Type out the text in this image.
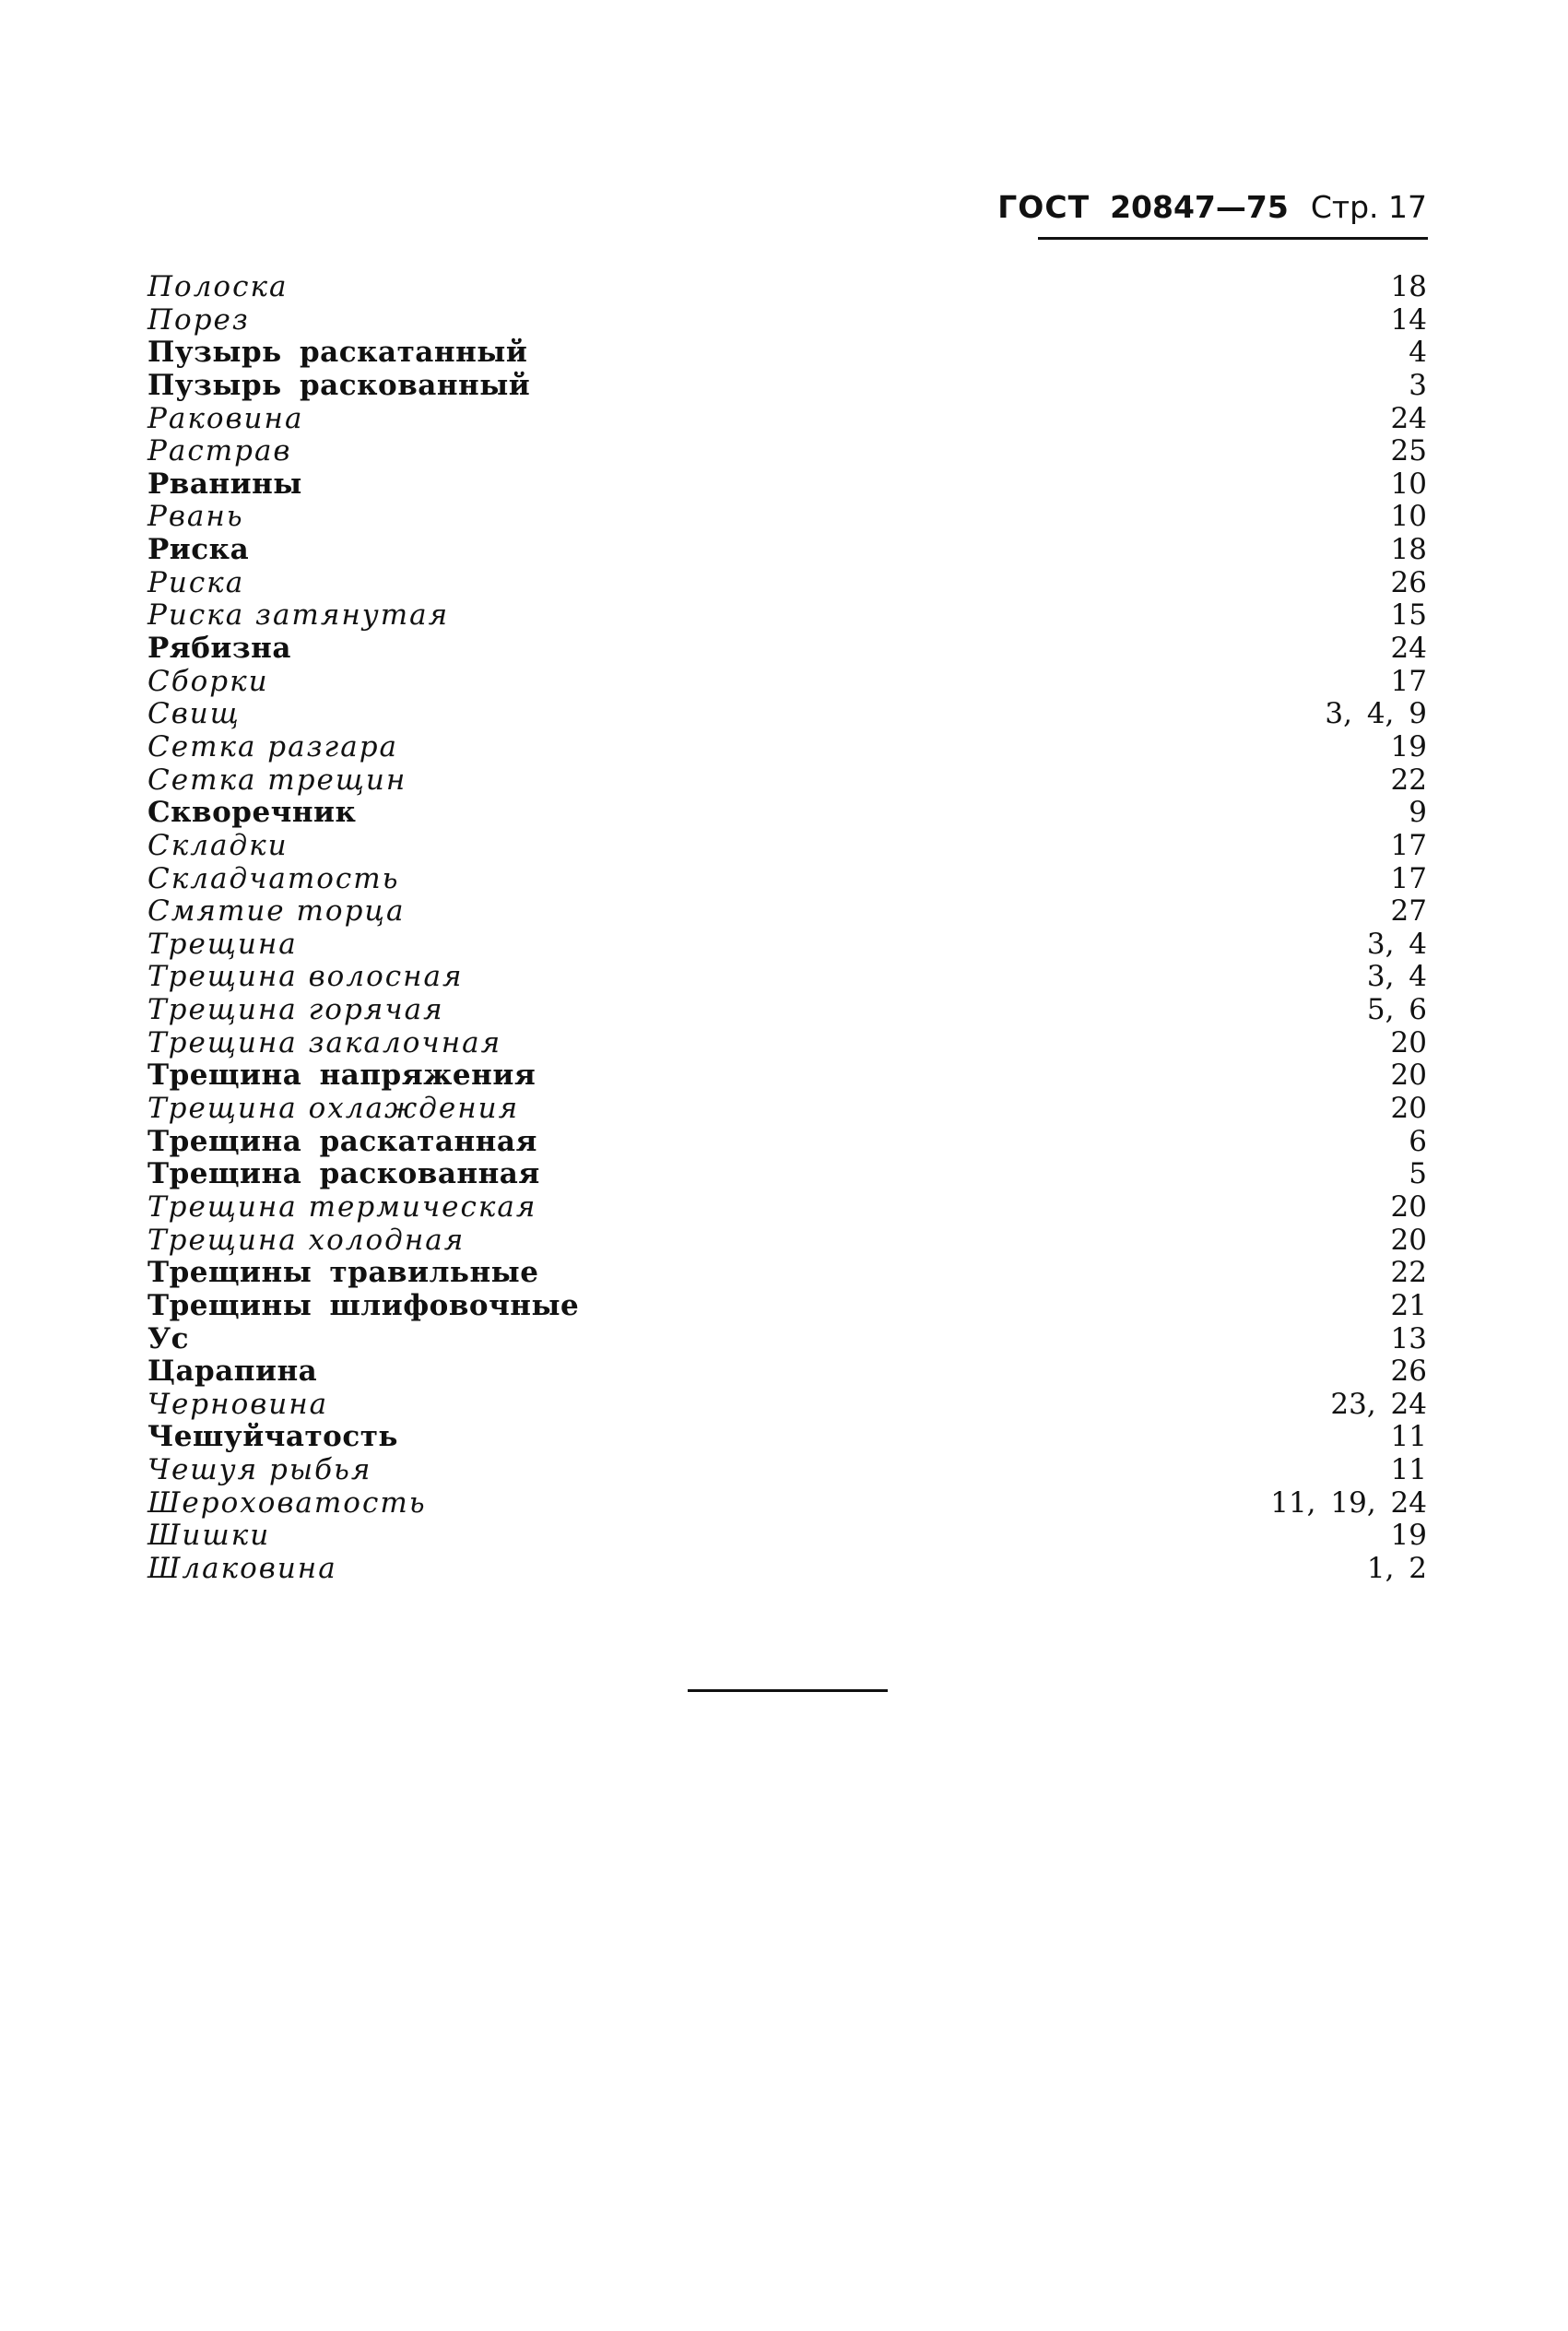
ГОСТ 20847—75 Стр. 17
Полоска	18
Порез	14
Пузырь раскатанный	4
Пузырь раскованный	3
Раковина	24
Растрав	25
Рванины	10
Рвань	10
Риска	18
Риска	26
Риска затянутая	15
Рябизна	24
Сборки	17
Свищ	3, 4, 9
Сетка разгара	19
Сетка трещин	22
Скворечник	9
Складки	17
Складчатость	17
Смятие торца	27
Трещина	3, 4
Трещина волосная	3, 4
Трещина горячая	5, 6
Трещина закалочная	20
Трещина напряжения	20
Трещина охлаждения	20
Трещина раскатанная	6
Трещина раскованная	5
Трещина термическая	20
Трещина холодная	20
Трещины травильные	22
Трещины шлифовочные	21
Ус	13
Царапина	26
Черновина	23, 24
Чешуйчатость	11
Чешуя рыбья	11
Шероховатость	11, 19, 24
Шишки	19
Шлаковина	1, 2
